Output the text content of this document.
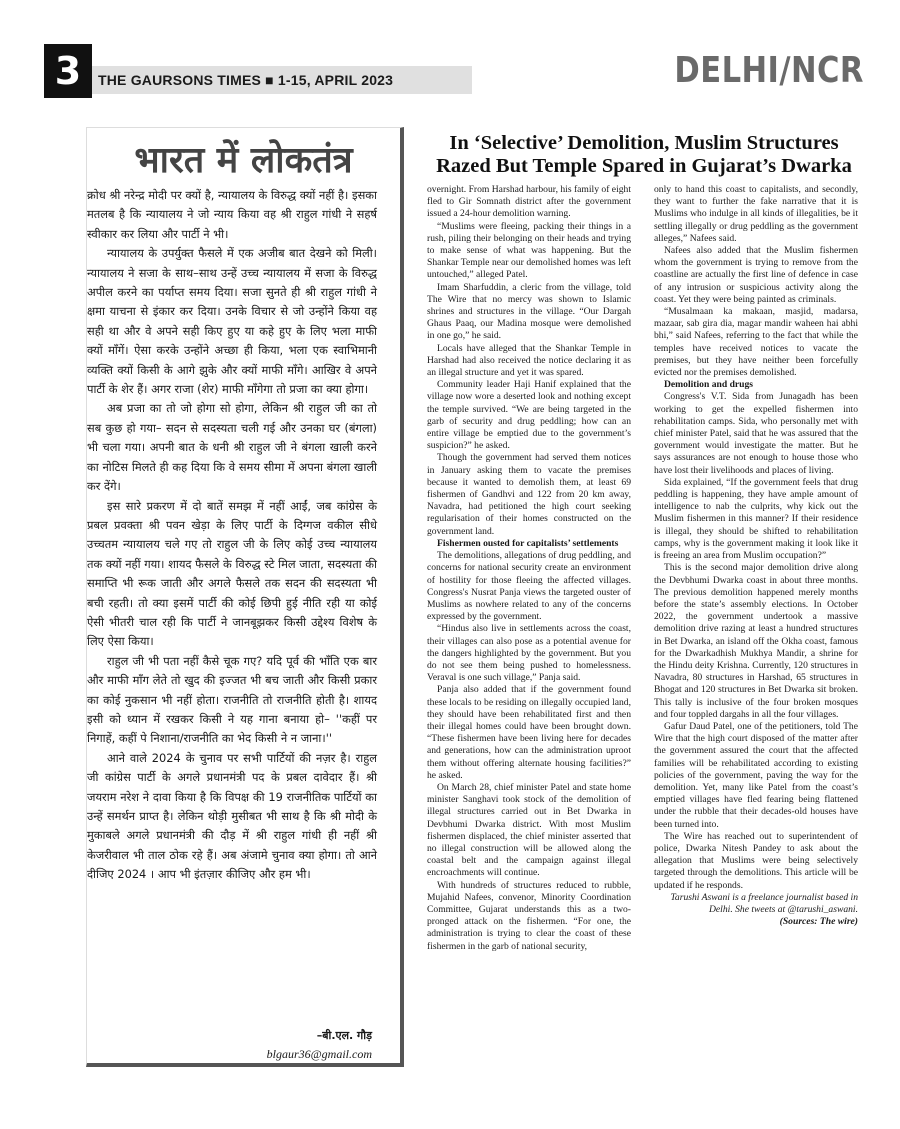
3	THE GAURSONS TIMES ■ 1-15, APRIL 2023	DELHI/NCR
भारत में लोकतंत्र

क्रोध श्री नरेन्द्र मोदी पर क्यों है, न्यायालय के विरुद्ध क्यों नहीं है। इसका मतलब है कि न्यायालय ने जो न्याय किया वह श्री राहुल गांधी ने सहर्ष स्वीकार कर लिया और पार्टी ने भी।

न्यायालय के उपर्युक्त फैसले में एक अजीब बात देखने को मिली। न्यायालय ने सजा के साथ–साथ उन्हें उच्च न्यायालय में सजा के विरुद्ध अपील करने का पर्याप्त समय दिया। सजा सुनते ही श्री राहुल गांधी ने क्षमा याचना से इंकार कर दिया। उनके विचार से जो उन्होंने किया वह सही था और वे अपने सही किए हुए या कहे हुए के लिए भला माफी क्यों माँगें। ऐसा करके उन्होंने अच्छा ही किया, भला एक स्वाभिमानी व्यक्ति क्यों किसी के आगे झुके और क्यों माफी माँगे। आखिर वे अपने पार्टी के शेर हैं। अगर राजा (शेर) माफी माँगेगा तो प्रजा का क्या होगा।

अब प्रजा का तो जो होगा सो होगा, लेकिन श्री राहुल जी का तो सब कुछ हो गया– सदन से सदस्यता चली गई और उनका घर (बंगला) भी चला गया। अपनी बात के धनी श्री राहुल जी ने बंगला खाली करने का नोटिस मिलते ही कह दिया कि वे समय सीमा में अपना बंगला खाली कर देंगे।

इस सारे प्रकरण में दो बातें समझ में नहीं आईं, जब कांग्रेस के प्रबल प्रवक्ता श्री पवन खेड़ा के लिए पार्टी के दिग्गज वकील सीधे उच्चतम न्यायालय चले गए तो राहुल जी के लिए कोई उच्च न्यायालय तक क्यों नहीं गया। शायद फैसले के विरुद्ध स्टे मिल जाता, सदस्यता की समाप्ति भी रूक जाती और अगले फैसले तक सदन की सदस्यता भी बची रहती। तो क्या इसमें पार्टी की कोई छिपी हुई नीति रही या कोई ऐसी भीतरी चाल रही कि पार्टी ने जानबूझकर किसी उद्देश्य विशेष के लिए ऐसा किया।

राहुल जी भी पता नहीं कैसे चूक गए? यदि पूर्व की भाँति एक बार और माफी माँग लेते तो खुद की इज्जत भी बच जाती और किसी प्रकार का कोई नुकसान भी नहीं होता। राजनीति तो राजनीति होती है। शायद इसी को ध्यान में रखकर किसी ने यह गाना बनाया हो– ''कहीं पर निगाहें, कहीं पे निशाना/राजनीति का भेद किसी ने न जाना।''

आने वाले 2024 के चुनाव पर सभी पार्टियों की नज़र है। राहुल जी कांग्रेस पार्टी के अगले प्रधानमंत्री पद के प्रबल दावेदार हैं। श्री जयराम नरेश ने दावा किया है कि विपक्ष की 19 राजनीतिक पार्टियों का उन्हें समर्थन प्राप्त है। लेकिन थोड़ी मुसीबत भी साथ है कि श्री मोदी के मुकाबले अगले प्रधानमंत्री की दौड़ में श्री राहुल गांधी ही नहीं श्री केजरीवाल भी ताल ठोक रहे हैं। अब अंजामे चुनाव क्या होगा। तो आने दीजिए 2024 । आप भी इंतज़ार कीजिए और हम भी।

–बी.एल. गौड़
blgaur36@gmail.com
In ‘Selective’ Demolition, Muslim Structures Razed But Temple Spared in Gujarat’s Dwarka

overnight. From Harshad harbour, his family of eight fled to Gir Somnath district after the government issued a 24-hour demolition warning.

“Muslims were fleeing, packing their things in a rush, piling their belonging on their heads and trying to make sense of what was happening. But the Shankar Temple near our demolished homes was left untouched,” alleged Patel.

Imam Sharfuddin, a cleric from the village, told The Wire that no mercy was shown to Islamic shrines and structures in the village. “Our Dargah Ghaus Paaq, our Madina mosque were demolished in one go,” he said.

Locals have alleged that the Shankar Temple in Harshad had also received the notice declaring it as an illegal structure and yet it was spared.

Community leader Haji Hanif explained that the village now wore a deserted look and nothing except the temple survived. “We are being targeted in the garb of security and drug peddling; how can an entire village be emptied due to the government’s suspicion?” he asked.

Though the government had served them notices in January asking them to vacate the premises because it wanted to demolish them, at least 69 fishermen of Gandhvi and 122 from 20 km away, Navadra, had petitioned the high court seeking regularisation of their homes constructed on the government land.

Fishermen ousted for capitalists’ settlements

The demolitions, allegations of drug peddling, and concerns for national security create an environment of hostility for those fleeing the affected villages. Congress's Nusrat Panja views the targeted ouster of Muslims as nowhere related to any of the concerns expressed by the government.

“Hindus also live in settlements across the coast, their villages can also pose as a potential avenue for the dangers highlighted by the government. But you do not see them being pushed to homelessness. Veraval is one such village,” Panja said.

Panja also added that if the government found these locals to be residing on illegally occupied land, they should have been rehabilitated first and then their illegal homes could have been brought down. “These fishermen have been living here for decades and generations, how can the administration uproot them without offering alternate housing facilities?” he asked.

On March 28, chief minister Patel and state home minister Sanghavi took stock of the demolition of illegal structures carried out in Bet Dwarka in Devbhumi Dwarka district. With most Muslim fishermen displaced, the chief minister asserted that no illegal construction will be allowed along the coastal belt and the campaign against illegal encroachments will continue.

With hundreds of structures reduced to rubble, Mujahid Nafees, convenor, Minority Coordination Committee, Gujarat understands this as a two-pronged attack on the fishermen. “For one, the administration is trying to clear the coast of these fishermen in the garb of national security,

only to hand this coast to capitalists, and secondly, they want to further the fake narrative that it is Muslims who indulge in all kinds of illegalities, be it settling illegally or drug peddling as the government alleges,” Nafees said.

Nafees also added that the Muslim fishermen whom the government is trying to remove from the coastline are actually the first line of defence in case of any intrusion or suspicious activity along the coast. Yet they were being painted as criminals.

“Musalmaan ka makaan, masjid, madarsa, mazaar, sab gira dia, magar mandir waheen hai abhi bhi,” said Nafees, referring to the fact that while the temples have received notices to vacate the premises, but they have neither been forcefully evicted nor the premises demolished.

Demolition and drugs

Congress's V.T. Sida from Junagadh has been working to get the expelled fishermen into rehabilitation camps. Sida, who personally met with chief minister Patel, said that he was assured that the government would investigate the matter. But he says assurances are not enough to house those who have lost their livelihoods and places of living.

Sida explained, “If the government feels that drug peddling is happening, they have ample amount of intelligence to nab the culprits, why kick out the Muslim fishermen in this manner? If their residence is illegal, they should be shifted to rehabilitation camps, why is the government making it look like it is freeing an area from Muslim occupation?”

This is the second major demolition drive along the Devbhumi Dwarka coast in about three months. The previous demolition happened merely months before the state’s assembly elections. In October 2022, the government undertook a massive demolition drive razing at least a hundred structures in Bet Dwarka, an island off the Okha coast, famous for the Dwarkadhish Mukhya Mandir, a shrine for the Hindu deity Krishna. Currently, 120 structures in Navadra, 80 structures in Harshad, 65 structures in Bhogat and 120 structures in Bet Dwarka sit broken. This tally is inclusive of the four broken mosques and four toppled dargahs in all the four villages.

Gafur Daud Patel, one of the petitioners, told The Wire that the high court disposed of the matter after the government assured the court that the affected families will be rehabilitated according to existing policies of the government, paving the way for the demolition. Yet, many like Patel from the coast’s emptied villages have fled fearing being flattened under the rubble that their decades-old houses have been turned into.

The Wire has reached out to superintendent of police, Dwarka Nitesh Pandey to ask about the allegation that Muslims were being selectively targeted through the demolitions. This article will be updated if he responds.

Tarushi Aswani is a freelance journalist based in Delhi. She tweets at @tarushi_aswani.

(Sources: The wire)
